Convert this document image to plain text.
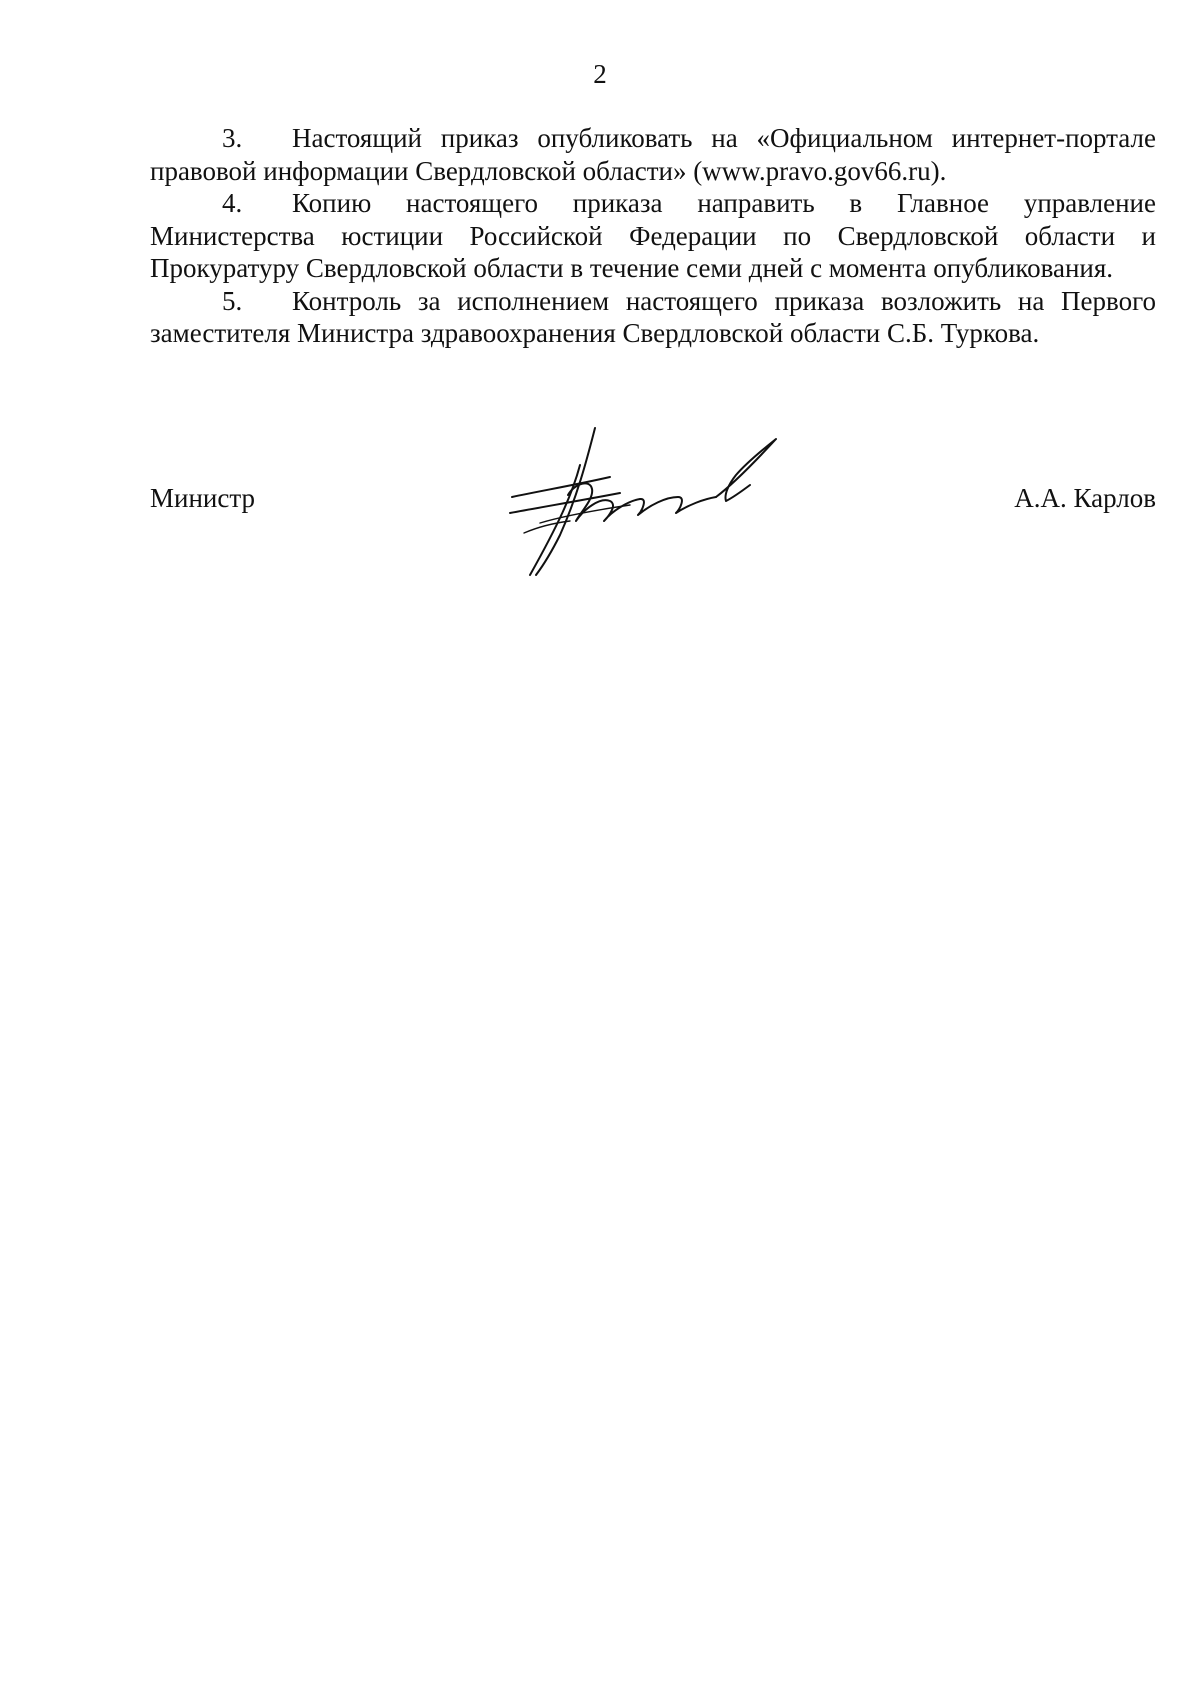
2

3. Настоящий приказ опубликовать на «Официальном интернет-портале правовой информации Свердловской области» (www.pravo.gov66.ru).

4. Копию настоящего приказа направить в Главное управление Министерства юстиции Российской Федерации по Свердловской области и Прокуратуру Свердловской области в течение семи дней с момента опубликования.

5. Контроль за исполнением настоящего приказа возложить на Первого заместителя Министра здравоохранения Свердловской области С.Б. Туркова.

Министр	А.А. Карлов
